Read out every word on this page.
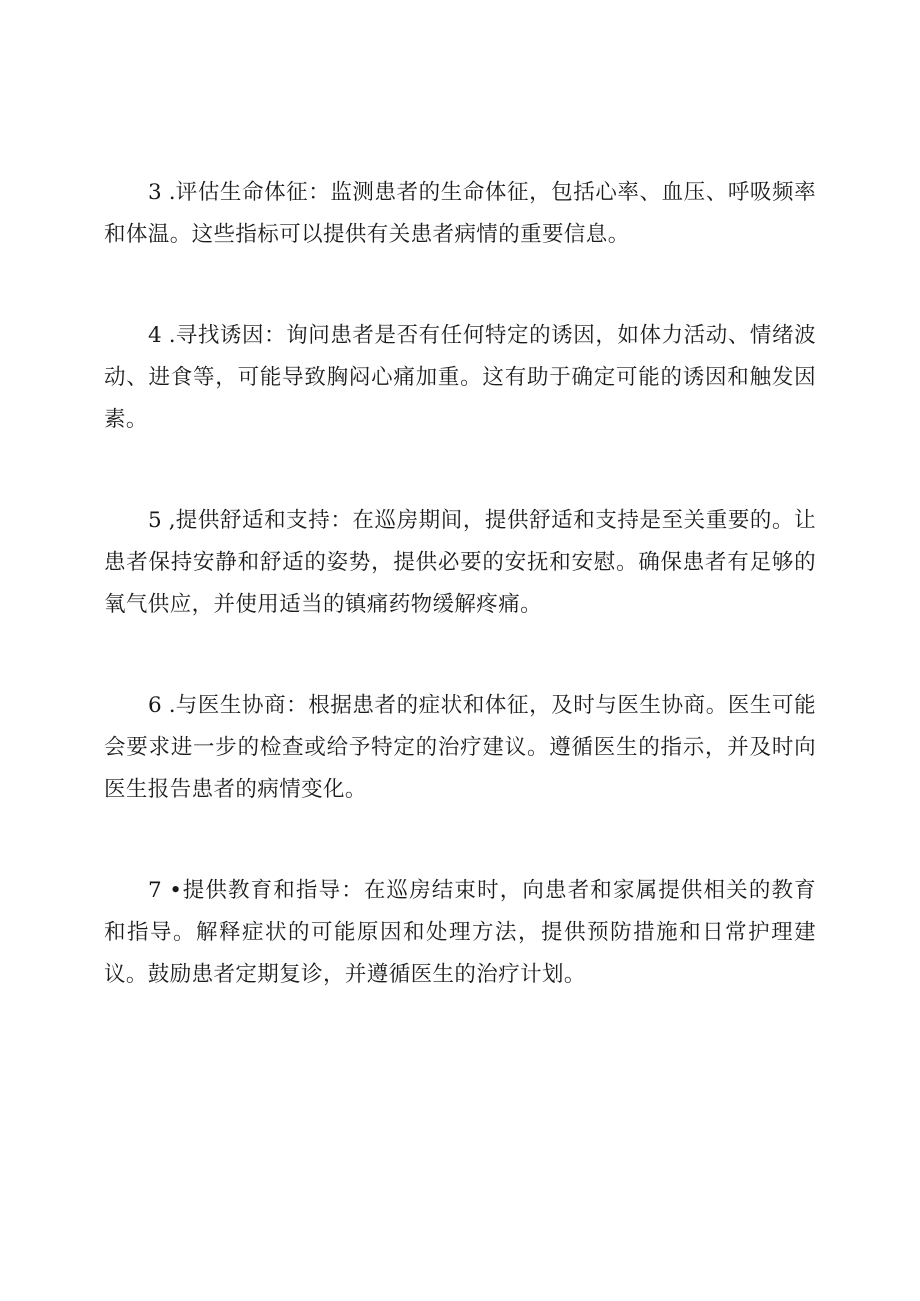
3 .评估生命体征：监测患者的生命体征，包括心率、血压、呼吸频率和体温。这些指标可以提供有关患者病情的重要信息。

4 .寻找诱因：询问患者是否有任何特定的诱因，如体力活动、情绪波动、进食等，可能导致胸闷心痛加重。这有助于确定可能的诱因和触发因素。

5 ,提供舒适和支持：在巡房期间，提供舒适和支持是至关重要的。让患者保持安静和舒适的姿势，提供必要的安抚和安慰。确保患者有足够的氧气供应，并使用适当的镇痛药物缓解疼痛。

6 .与医生协商：根据患者的症状和体征，及时与医生协商。医生可能会要求进一步的检查或给予特定的治疗建议。遵循医生的指示，并及时向医生报告患者的病情变化。

7 •提供教育和指导：在巡房结束时，向患者和家属提供相关的教育和指导。解释症状的可能原因和处理方法，提供预防措施和日常护理建议。鼓励患者定期复诊，并遵循医生的治疗计划。
